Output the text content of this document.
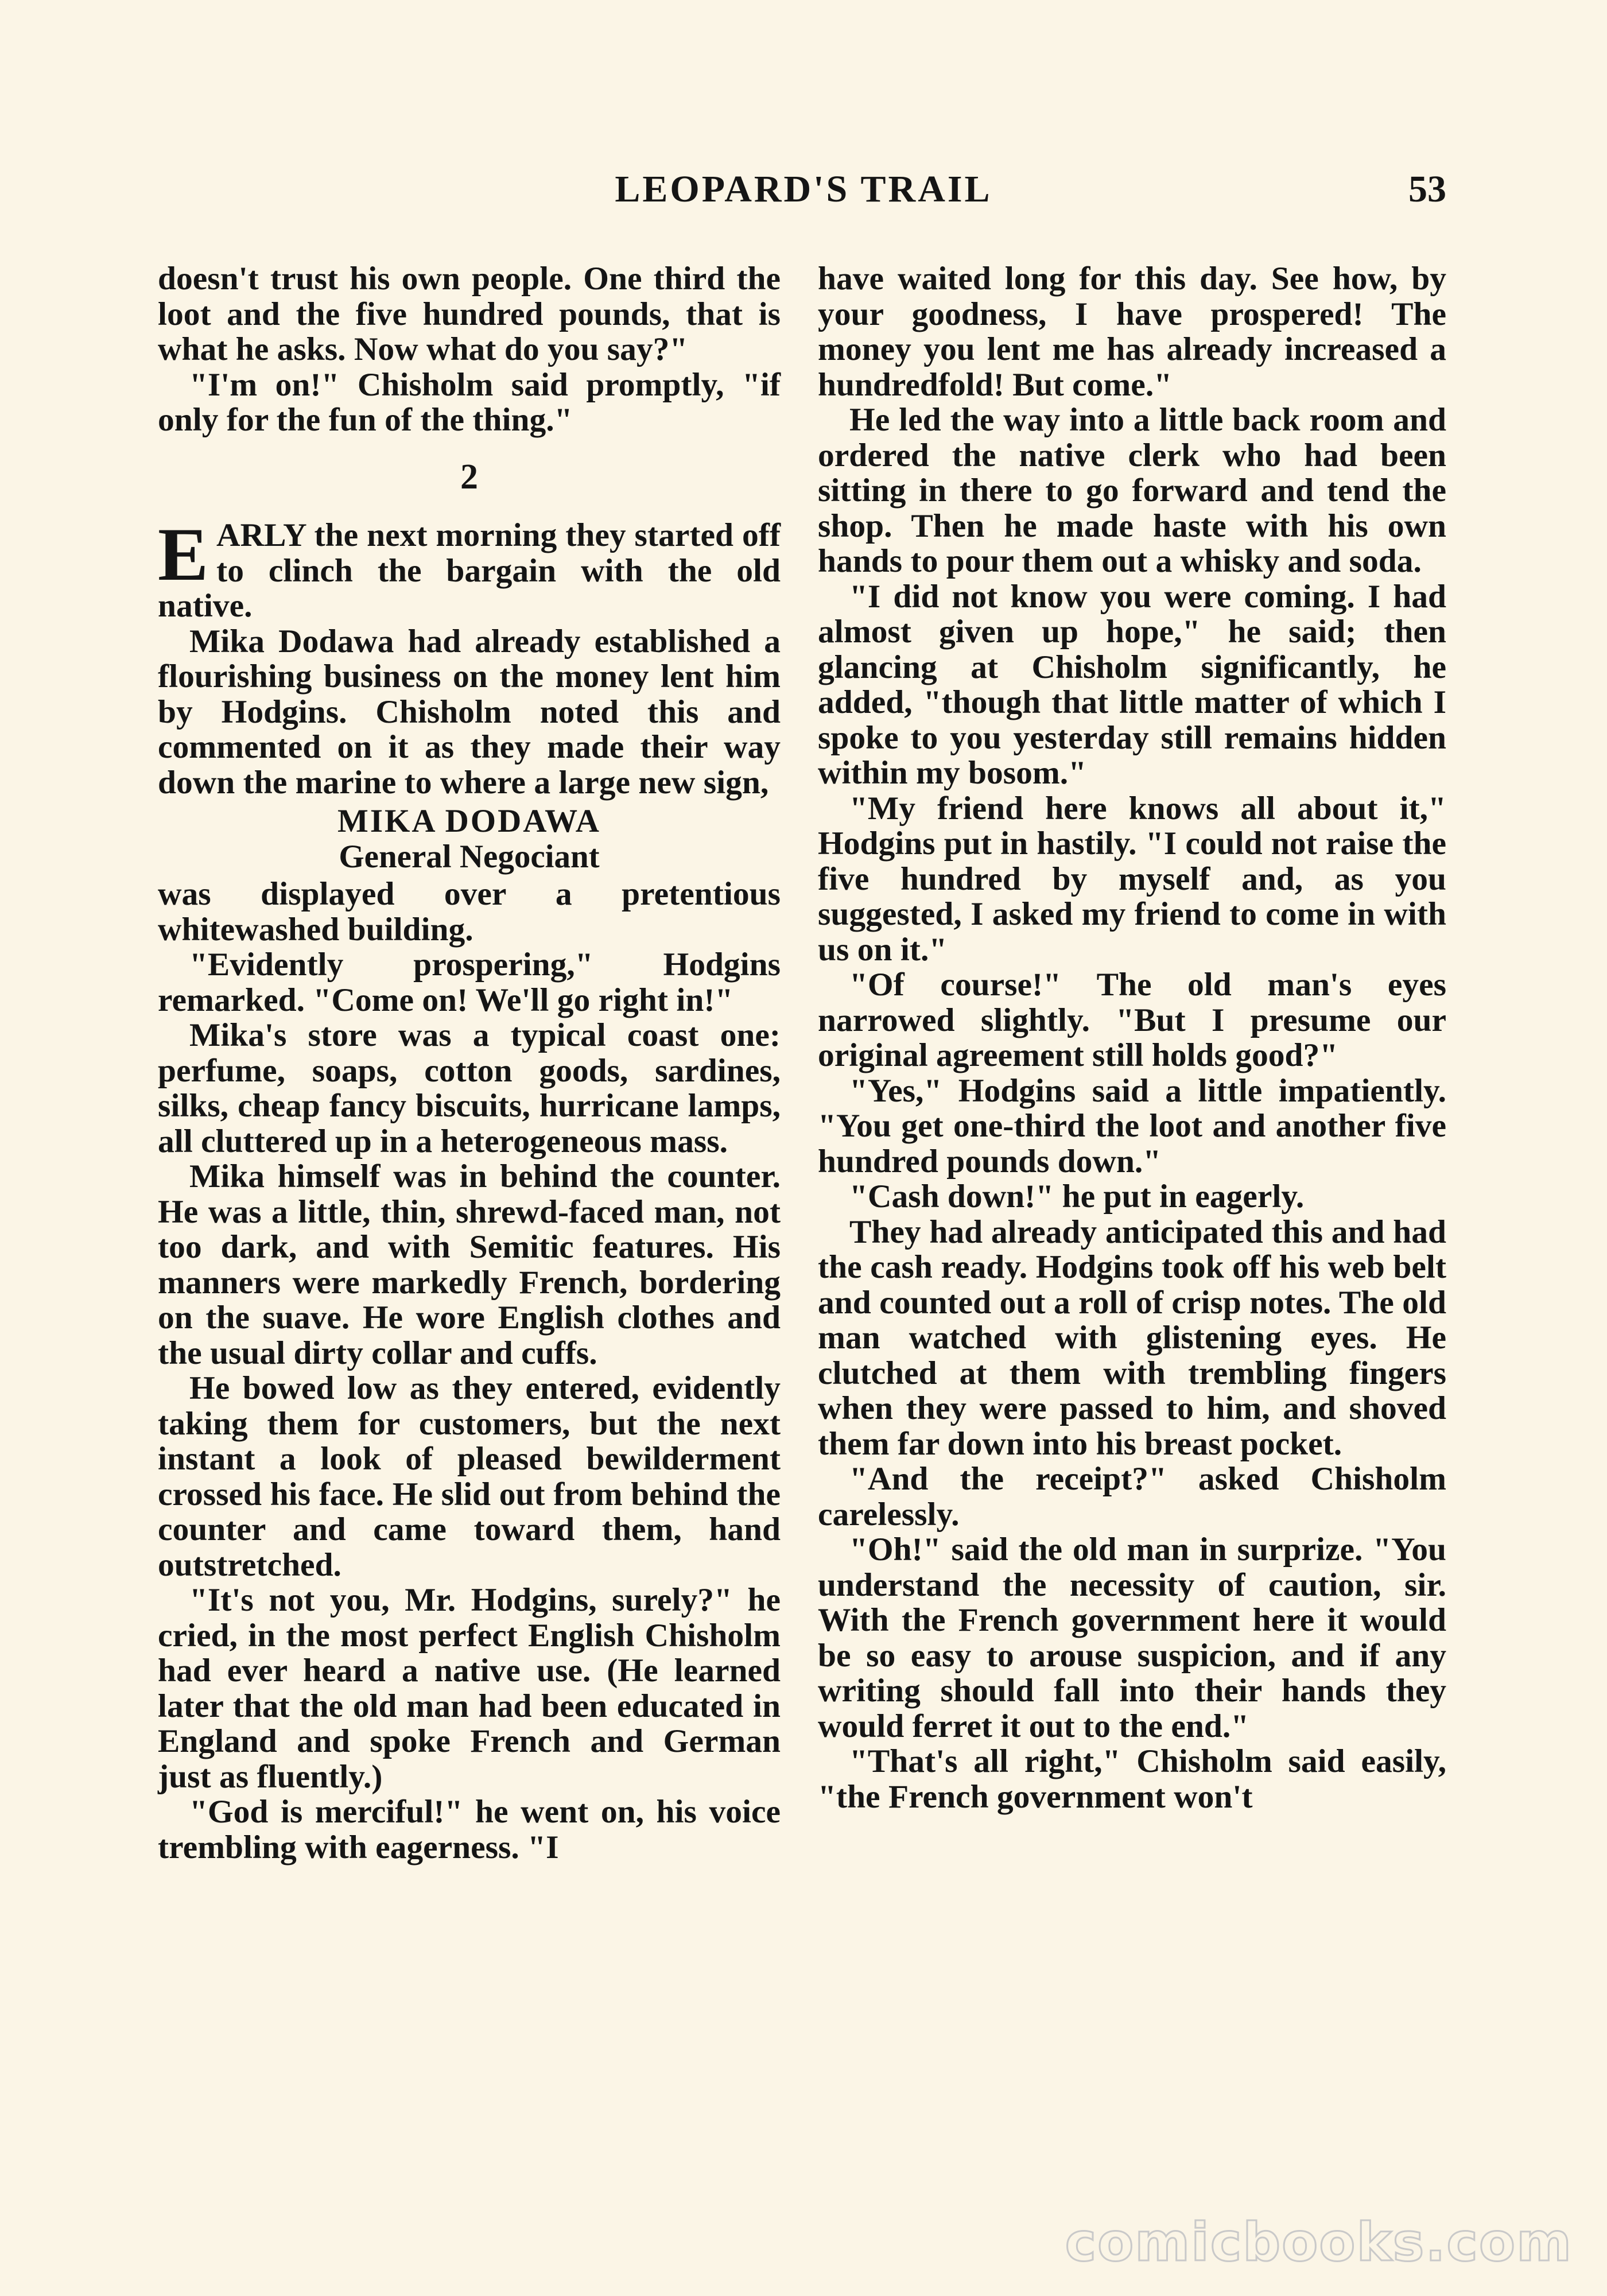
LEOPARD'S TRAIL	53

doesn't trust his own people. One third the loot and the five hundred pounds, that is what he asks. Now what do you say?"

"I'm on!" Chisholm said promptly, "if only for the fun of the thing."

2

EARLY the next morning they started off to clinch the bargain with the old native.

Mika Dodawa had already established a flourishing business on the money lent him by Hodgins. Chisholm noted this and commented on it as they made their way down the marine to where a large new sign,

MIKA DODAWA
General Negociant

was displayed over a pretentious whitewashed building.

"Evidently prospering," Hodgins remarked. "Come on! We'll go right in!"

Mika's store was a typical coast one: perfume, soaps, cotton goods, sardines, silks, cheap fancy biscuits, hurricane lamps, all cluttered up in a heterogeneous mass.

Mika himself was in behind the counter. He was a little, thin, shrewd-faced man, not too dark, and with Semitic features. His manners were markedly French, bordering on the suave. He wore English clothes and the usual dirty collar and cuffs.

He bowed low as they entered, evidently taking them for customers, but the next instant a look of pleased bewilderment crossed his face. He slid out from behind the counter and came toward them, hand outstretched.

"It's not you, Mr. Hodgins, surely?" he cried, in the most perfect English Chisholm had ever heard a native use. (He learned later that the old man had been educated in England and spoke French and German just as fluently.)

"God is merciful!" he went on, his voice trembling with eagerness. "I

have waited long for this day. See how, by your goodness, I have prospered! The money you lent me has already increased a hundredfold! But come."

He led the way into a little back room and ordered the native clerk who had been sitting in there to go forward and tend the shop. Then he made haste with his own hands to pour them out a whisky and soda.

"I did not know you were coming. I had almost given up hope," he said; then glancing at Chisholm significantly, he added, "though that little matter of which I spoke to you yesterday still remains hidden within my bosom."

"My friend here knows all about it," Hodgins put in hastily. "I could not raise the five hundred by myself and, as you suggested, I asked my friend to come in with us on it."

"Of course!" The old man's eyes narrowed slightly. "But I presume our original agreement still holds good?"

"Yes," Hodgins said a little impatiently. "You get one-third the loot and another five hundred pounds down."

"Cash down!" he put in eagerly.

They had already anticipated this and had the cash ready. Hodgins took off his web belt and counted out a roll of crisp notes. The old man watched with glistening eyes. He clutched at them with trembling fingers when they were passed to him, and shoved them far down into his breast pocket.

"And the receipt?" asked Chisholm carelessly.

"Oh!" said the old man in surprize. "You understand the necessity of caution, sir. With the French government here it would be so easy to arouse suspicion, and if any writing should fall into their hands they would ferret it out to the end."

"That's all right," Chisholm said easily, "the French government won't

comicbooks.com
